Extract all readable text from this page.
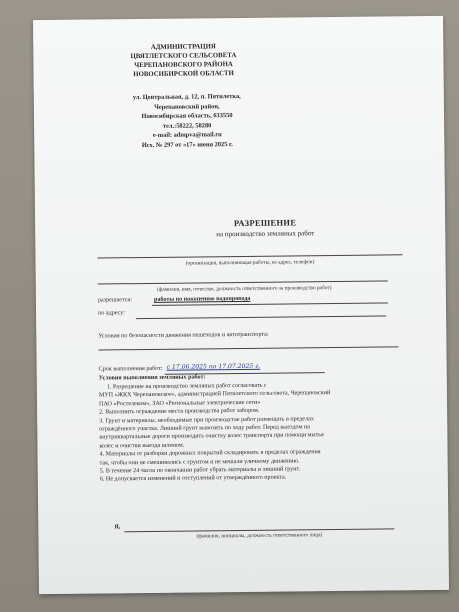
АДМИНИСТРАЦИЯ
ЦВЯТЛЕТСКОГО СЕЛЬСОВЕТА
ЧЕРЕПАНОВСКОГО РАЙОНА
НОВОСИБИРСКОЙ ОБЛАСТИ
ул. Центральная, д. 12, п. Пятилетка,
Черепановский район,
Новосибирская область, 633550
тел.:58222, 58280
e-mail: admpva@mail.ru
Исх. № 297 от «17» июня 2025 г.
РАЗРЕШЕНИЕ
на производство земляных работ
(организация, выполняющая работы, ее адрес, телефон)
(фамилия, имя, отчество, должность ответственного за производство работ)
разрешается:	работы по покопению водопровода
по адресу:
Условия по безопасности движения пешеходов и автотранспорта:
Срок выполнения работ: с 17.06.2025 по 17.07.2025 г.
Условия выполнения земляных работ:
1. Разрешение на производство земляных работ согласовать с
МУП «ЖКХ Черепановское», администрацией Пятилетского сельсовета, Черепановский
ПАО «Ростелеком», ЗАО «Региональные электрические сети»
2. Выполнить ограждение места производства работ забором.
3. Грунт и материалы, необходимые при производстве работ размещать в пределах
ограждённого участка. Лишний грунт вывозить по ходу работ. Перед выездом на
внутриквартальные дороги производить очистку колес транспорта при помощи мытья
колес и очистки выезда шлемом.
4. Материалы от разборки дорожных покрытий складировать в пределах ограждения
так, чтобы они не смешивались с грунтом и не мешали уличному движению.
5. В течение 24 часов по окончании работ убрать материалы и лишний грунт.
6. Не допускается изменений и отступлений от утверждённого проекта.
Я,
(фамилия, инициалы, должность ответственного лица)
